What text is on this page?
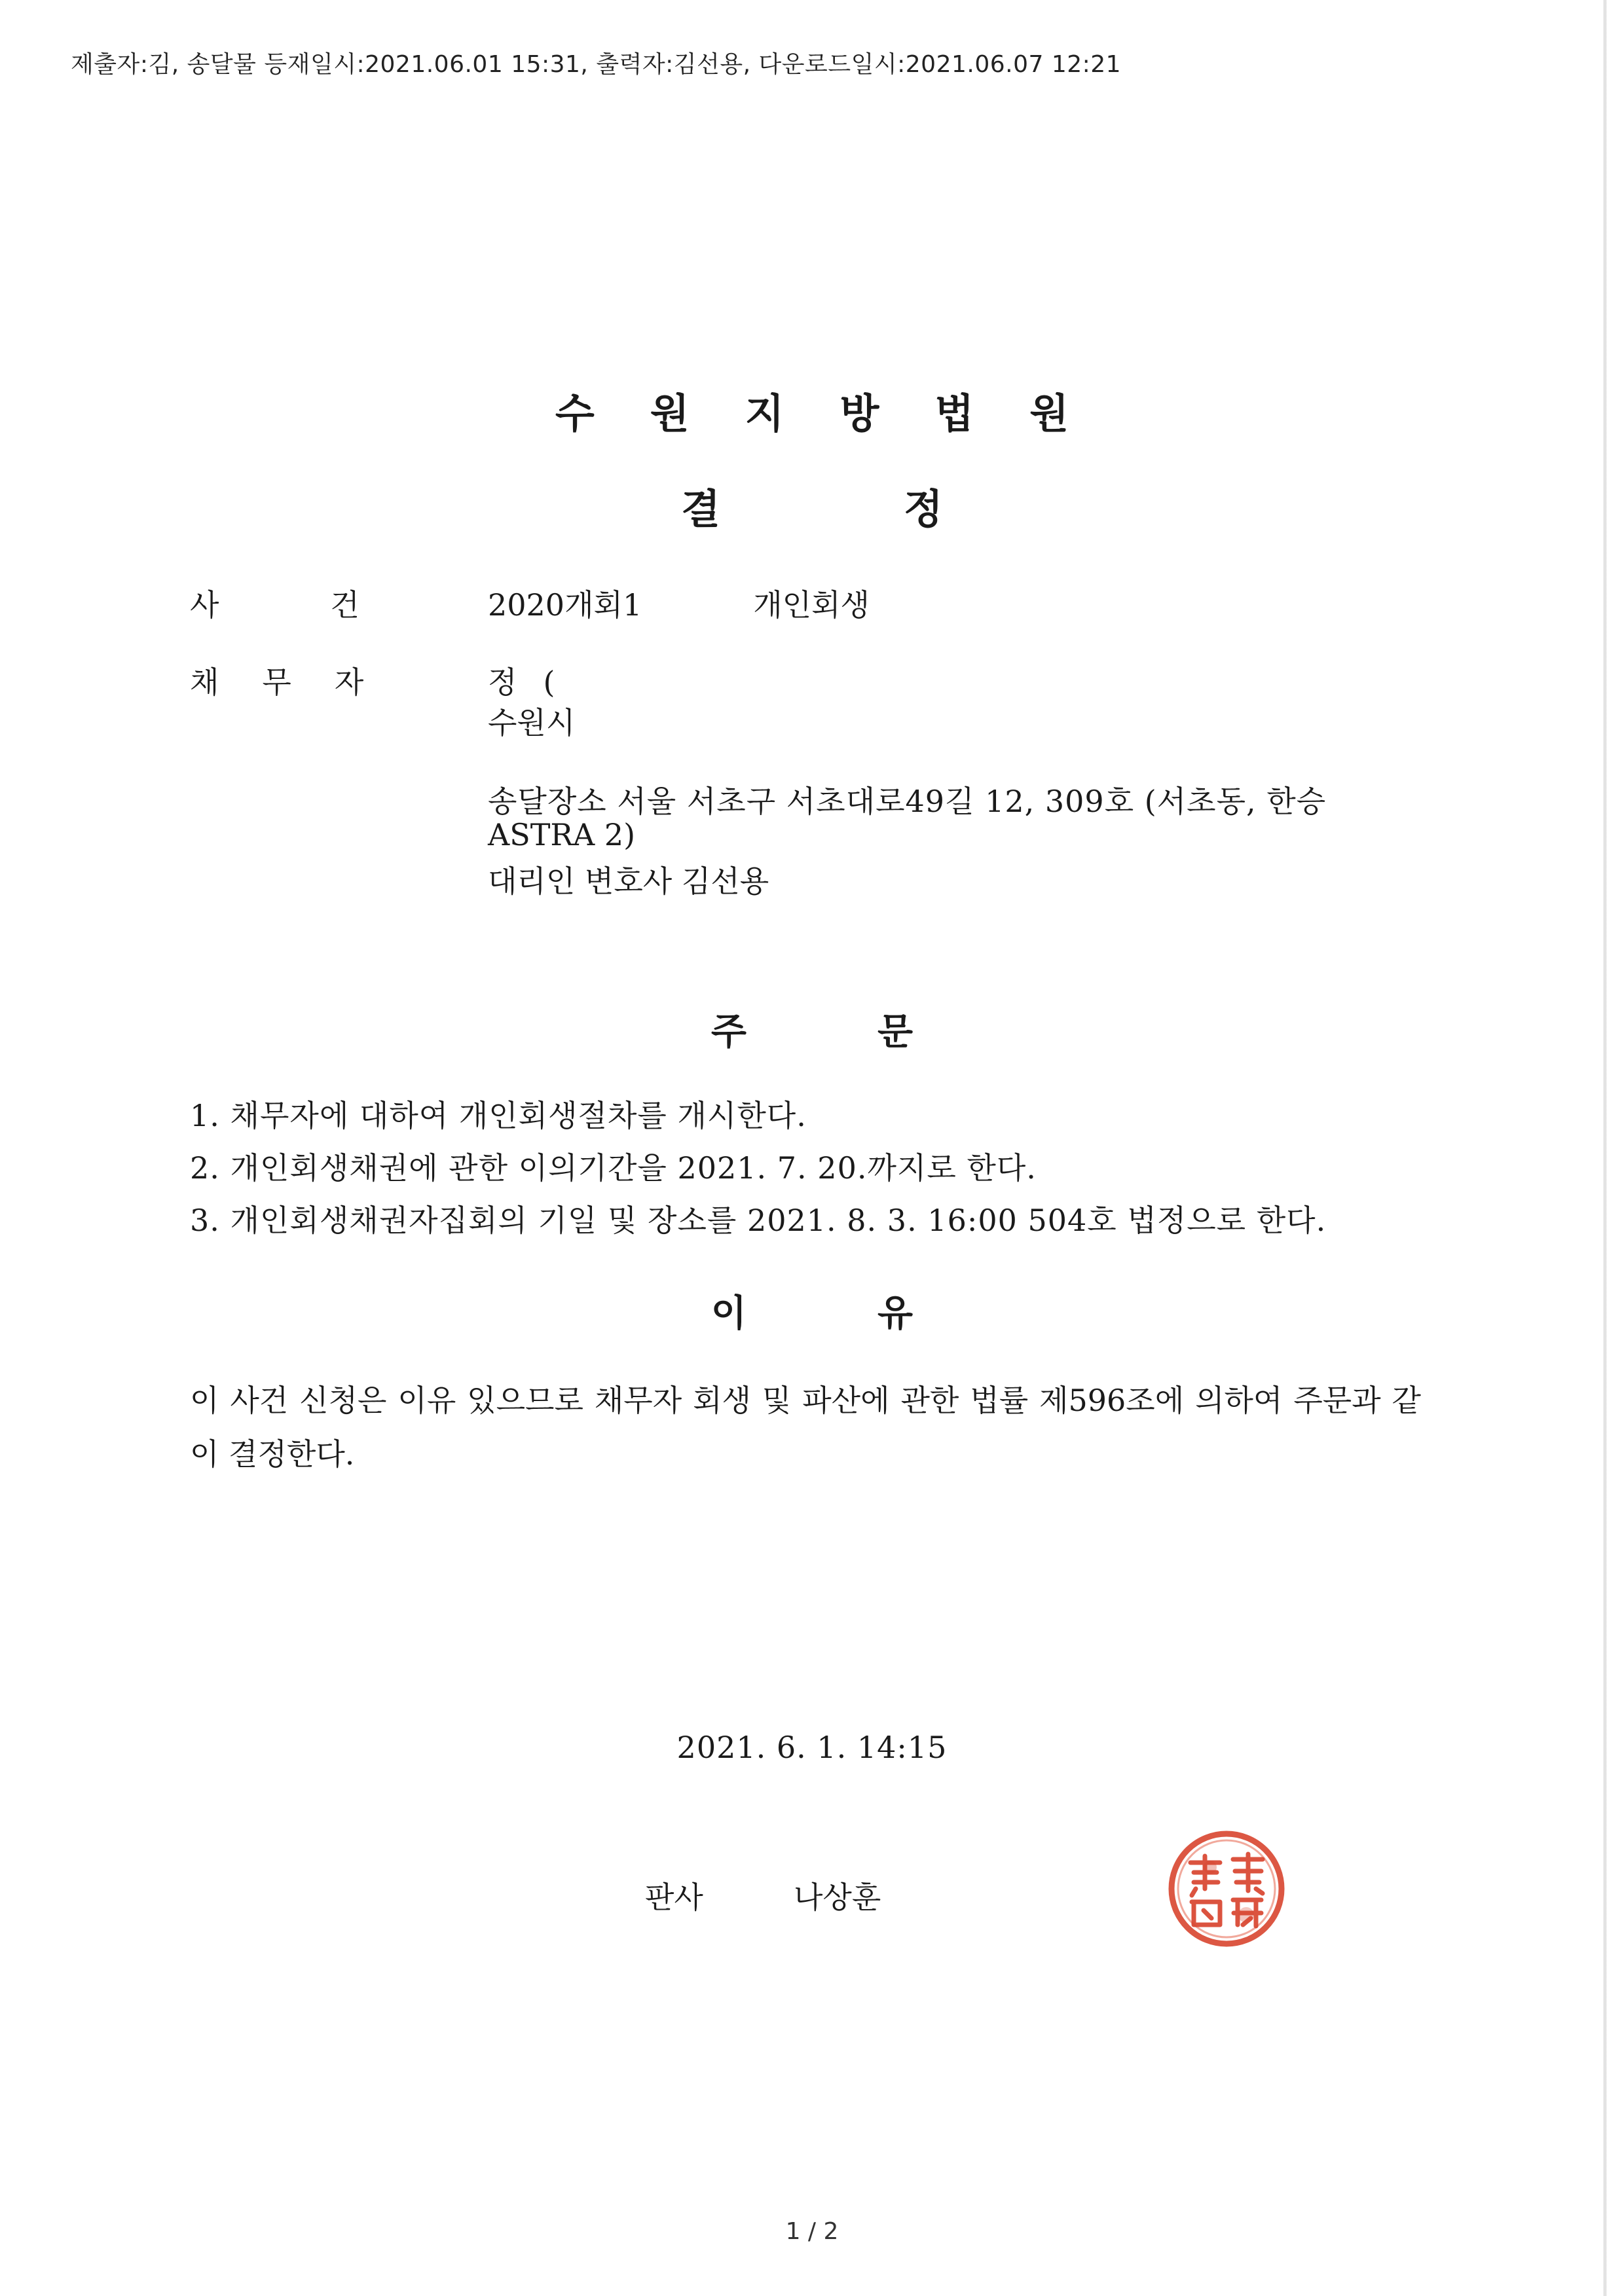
제출자:김, 송달물 등재일시:2021.06.01 15:31, 출력자:김선용, 다운로드일시:2021.06.07 12:21
수원지방법원
결정
사건 2020개회1	개인회생
채무자	정 (
수원시
송달장소 서울 서초구 서초대로49길 12, 309호 (서초동, 한승
ASTRA 2)
대리인 변호사 김선용
주문
1. 채무자에 대하여 개인회생절차를 개시한다.
2. 개인회생채권에 관한 이의기간을 2021. 7. 20.까지로 한다.
3. 개인회생채권자집회의 기일 및 장소를 2021. 8. 3. 16:00 504호 법정으로 한다.
이유
이 사건 신청은 이유 있으므로 채무자 회생 및 파산에 관한 법률 제596조에 의하여 주문과 같이 결정한다.
2021. 6. 1. 14:15
판사	나상훈
1 / 2
